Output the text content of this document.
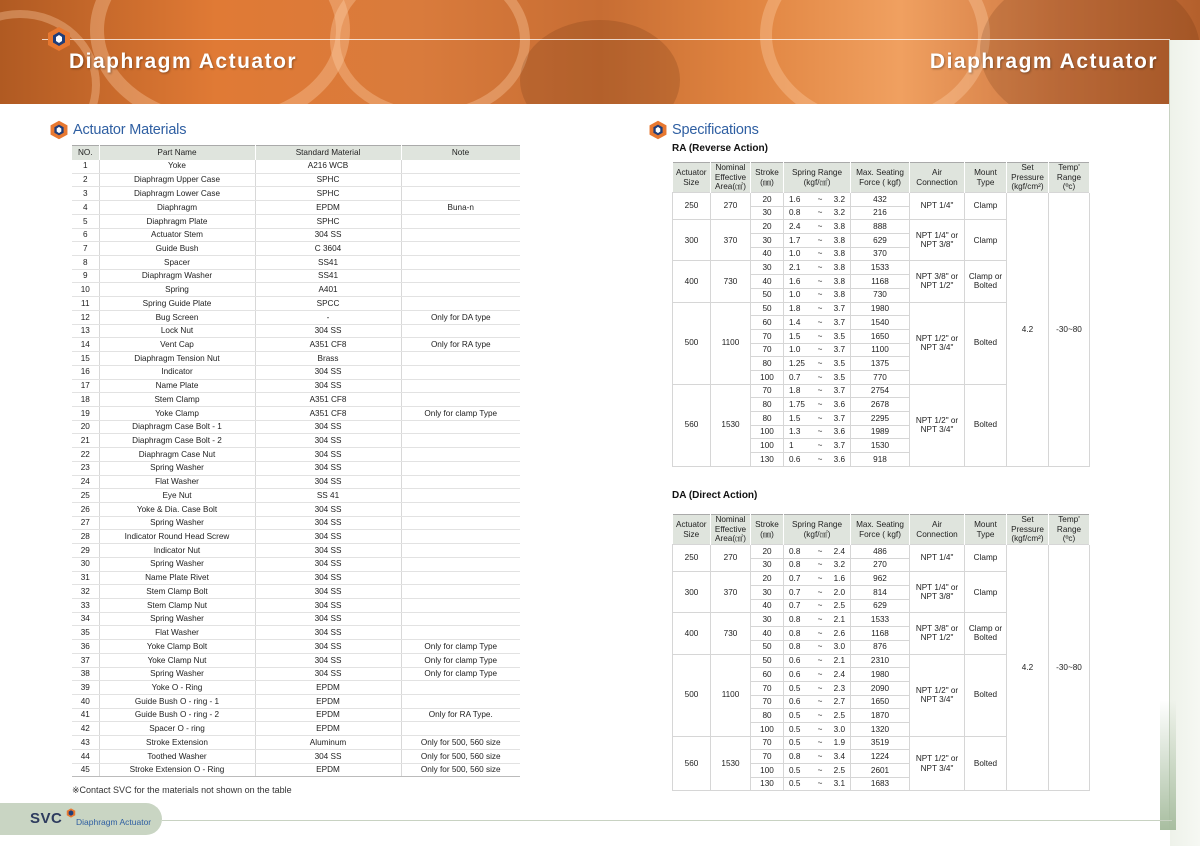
Diaphragm Actuator	Diaphragm Actuator
Actuator Materials
NO.	Part Name	Standard Material	Note
1	Yoke	A216 WCB	
2	Diaphragm Upper Case	SPHC	
3	Diaphragm Lower Case	SPHC	
4	Diaphragm	EPDM	Buna-n
5	Diaphragm Plate	SPHC	
6	Actuator Stem	304 SS	
7	Guide Bush	C 3604	
8	Spacer	SS41	
9	Diaphragm Washer	SS41	
10	Spring	A401	
11	Spring Guide Plate	SPCC	
12	Bug Screen	-	Only for DA type
13	Lock Nut	304 SS	
14	Vent Cap	A351 CF8	Only for RA type
15	Diaphragm Tension Nut	Brass	
16	Indicator	304 SS	
17	Name Plate	304 SS	
18	Stem Clamp	A351 CF8	
19	Yoke Clamp	A351 CF8	Only for clamp Type
20	Diaphragm Case Bolt - 1	304 SS	
21	Diaphragm Case Bolt - 2	304 SS	
22	Diaphragm Case Nut	304 SS	
23	Spring Washer	304 SS	
24	Flat Washer	304 SS	
25	Eye Nut	SS 41	
26	Yoke & Dia. Case Bolt	304 SS	
27	Spring Washer	304 SS	
28	Indicator Round Head Screw	304 SS	
29	Indicator Nut	304 SS	
30	Spring Washer	304 SS	
31	Name Plate Rivet	304 SS	
32	Stem Clamp Bolt	304 SS	
33	Stem Clamp Nut	304 SS	
34	Spring Washer	304 SS	
35	Flat Washer	304 SS	
36	Yoke Clamp Bolt	304 SS	Only for clamp Type
37	Yoke Clamp Nut	304 SS	Only for clamp Type
38	Spring Washer	304 SS	Only for clamp Type
39	Yoke O - Ring	EPDM	
40	Guide Bush O - ring - 1	EPDM	
41	Guide Bush O - ring - 2	EPDM	Only for RA Type.
42	Spacer O - ring	EPDM	
43	Stroke Extension	Aluminum	Only for 500, 560 size
44	Toothed Washer	304 SS	Only for 500, 560 size
45	Stroke Extension O - Ring	EPDM	Only for 500, 560 size
※Contact SVC for the materials not shown on the table
Specifications
RA (Reverse Action)
Actuator Size	Nominal Effective Area(㎠)	Stroke (㎜)	Spring Range (kgf/㎠)	Max. Seating Force ( kgf)	Air Connection	Mount Type	Set Pressure (kgf/cm²)	Temp' Range (ºc)
250	270	20	1.6 ~ 3.2	432	NPT 1/4"	Clamp	4.2	-30~80
		30	0.8 ~ 3.2	216				
300	370	20	2.4 ~ 3.8	888	NPT 1/4" or NPT 3/8"	Clamp		
		30	1.7 ~ 3.8	629				
		40	1.0 ~ 3.8	370				
400	730	30	2.1 ~ 3.8	1533	NPT 3/8" or NPT 1/2"	Clamp or Bolted		
		40	1.6 ~ 3.8	1168				
		50	1.0 ~ 3.8	730				
500	1100	50	1.8 ~ 3.7	1980	NPT 1/2" or NPT 3/4"	Bolted		
		60	1.4 ~ 3.7	1540				
		70	1.5 ~ 3.5	1650				
		70	1.0 ~ 3.7	1100				
		80	1.25 ~ 3.5	1375				
		100	0.7 ~ 3.5	770				
560	1530	70	1.8 ~ 3.7	2754	NPT 1/2" or NPT 3/4"	Bolted		
		80	1.75 ~ 3.6	2678				
		80	1.5 ~ 3.7	2295				
		100	1.3 ~ 3.6	1989				
		100	1 ~ 3.7	1530				
		130	0.6 ~ 3.6	918				
DA (Direct Action)
Actuator Size	Nominal Effective Area(㎠)	Stroke (㎜)	Spring Range (kgf/㎠)	Max. Seating Force ( kgf)	Air Connection	Mount Type	Set Pressure (kgf/cm²)	Temp' Range (ºc)
250	270	20	0.8 ~ 2.4	486	NPT 1/4"	Clamp	4.2	-30~80
		30	0.8 ~ 3.2	270				
300	370	20	0.7 ~ 1.6	962	NPT 1/4" or NPT 3/8"	Clamp		
		30	0.7 ~ 2.0	814				
		40	0.7 ~ 2.5	629				
400	730	30	0.8 ~ 2.1	1533	NPT 3/8" or NPT 1/2"	Clamp or Bolted		
		40	0.8 ~ 2.6	1168				
		50	0.8 ~ 3.0	876				
500	1100	50	0.6 ~ 2.1	2310	NPT 1/2" or NPT 3/4"	Bolted		
		60	0.6 ~ 2.4	1980				
		70	0.5 ~ 2.3	2090				
		70	0.6 ~ 2.7	1650				
		80	0.5 ~ 2.5	1870				
		100	0.5 ~ 3.0	1320				
560	1530	70	0.5 ~ 1.9	3519	NPT 1/2" or NPT 3/4"	Bolted		
		70	0.8 ~ 3.4	1224				
		100	0.5 ~ 2.5	2601				
		130	0.5 ~ 3.1	1683				
SVC Diaphragm Actuator
